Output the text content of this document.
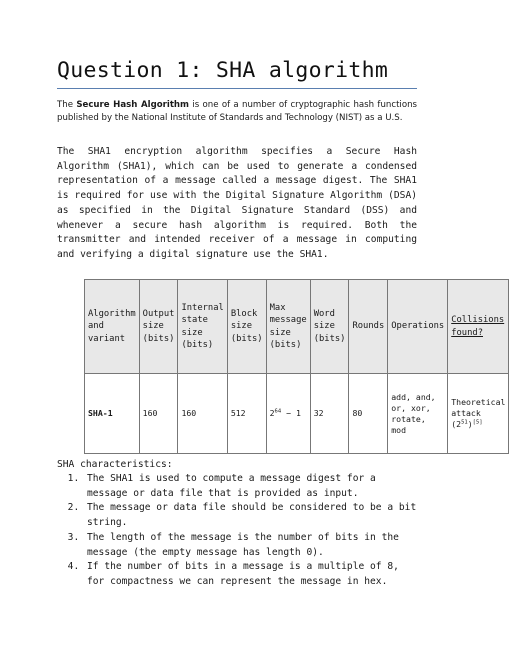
Question 1: SHA algorithm
The Secure Hash Algorithm is one of a number of cryptographic hash functions published by the National Institute of Standards and Technology (NIST) as a U.S.
The SHA1 encryption algorithm specifies a Secure Hash Algorithm (SHA1), which can be used to generate a condensed representation of a message called a message digest. The SHA1 is required for use with the Digital Signature Algorithm (DSA) as specified in the Digital Signature Standard (DSS) and whenever a secure hash algorithm is required. Both the transmitter and intended receiver of a message in computing and verifying a digital signature use the SHA1.
Algorithm and variant	Output size (bits)	Internal state size (bits)	Block size (bits)	Max message size (bits)	Word size (bits)	Rounds	Operations	Collisions found?
SHA-1	160	160	512	$2^{64} - 1$	32	80	add, and, or, xor, rotate, mod	Theoretical attack
$(2^{51})[5]$
SHA characteristics:
1. The SHA1 is used to compute a message digest for a message or data file that is provided as input.
2. The message or data file should be considered to be a bit string.
3. The length of the message is the number of bits in the message (the empty message has length 0).
4. If the number of bits in a message is a multiple of 8, for compactness we can represent the message in hex.
